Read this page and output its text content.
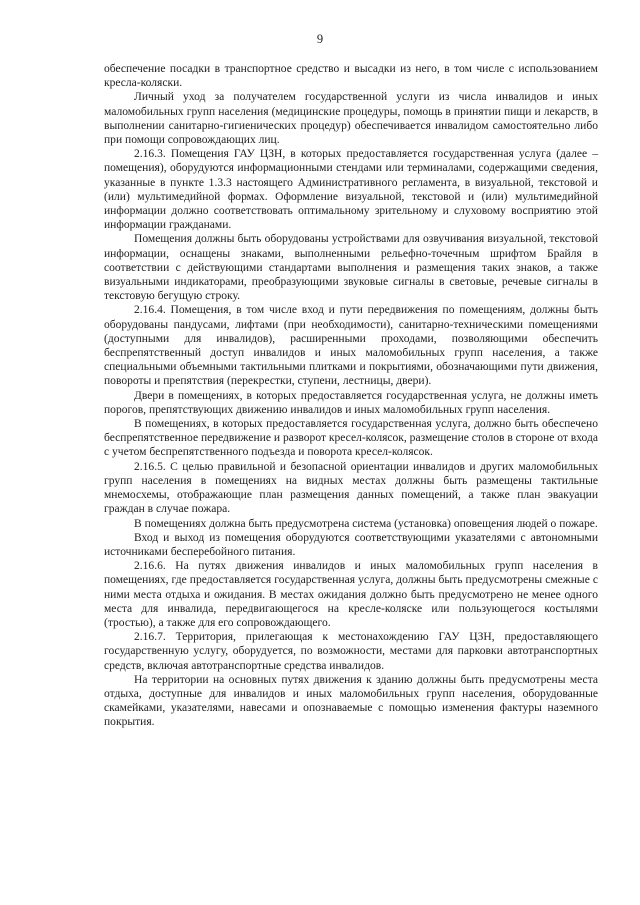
9

обеспечение посадки в транспортное средство и высадки из него, в том числе с использованием кресла-коляски.

Личный уход за получателем государственной услуги из числа инвалидов и иных маломобильных групп населения (медицинские процедуры, помощь в принятии пищи и лекарств, в выполнении санитарно-гигиенических процедур) обеспечивается инвалидом самостоятельно либо при помощи сопровождающих лиц.

2.16.3. Помещения ГАУ ЦЗН, в которых предоставляется государственная услуга (далее – помещения), оборудуются информационными стендами или терминалами, содержащими сведения, указанные в пункте 1.3.3 настоящего Административного регламента, в визуальной, текстовой и (или) мультимедийной формах. Оформление визуальной, текстовой и (или) мультимедийной информации должно соответствовать оптимальному зрительному и слуховому восприятию этой информации гражданами.

Помещения должны быть оборудованы устройствами для озвучивания визуальной, текстовой информации, оснащены знаками, выполненными рельефно-точечным шрифтом Брайля в соответствии с действующими стандартами выполнения и размещения таких знаков, а также визуальными индикаторами, преобразующими звуковые сигналы в световые, речевые сигналы в текстовую бегущую строку.

2.16.4. Помещения, в том числе вход и пути передвижения по помещениям, должны быть оборудованы пандусами, лифтами (при необходимости), санитарно-техническими помещениями (доступными для инвалидов), расширенными проходами, позволяющими обеспечить беспрепятственный доступ инвалидов и иных маломобильных групп населения, а также специальными объемными тактильными плитками и покрытиями, обозначающими пути движения, повороты и препятствия (перекрестки, ступени, лестницы, двери).

Двери в помещениях, в которых предоставляется государственная услуга, не должны иметь порогов, препятствующих движению инвалидов и иных маломобильных групп населения.

В помещениях, в которых предоставляется государственная услуга, должно быть обеспечено беспрепятственное передвижение и разворот кресел-колясок, размещение столов в стороне от входа с учетом беспрепятственного подъезда и поворота кресел-колясок.

2.16.5. С целью правильной и безопасной ориентации инвалидов и других маломобильных групп населения в помещениях на видных местах должны быть размещены тактильные мнемосхемы, отображающие план размещения данных помещений, а также план эвакуации граждан в случае пожара.

В помещениях должна быть предусмотрена система (установка) оповещения людей о пожаре.

Вход и выход из помещения оборудуются соответствующими указателями с автономными источниками бесперебойного питания.

2.16.6. На путях движения инвалидов и иных маломобильных групп населения в помещениях, где предоставляется государственная услуга, должны быть предусмотрены смежные с ними места отдыха и ожидания. В местах ожидания должно быть предусмотрено не менее одного места для инвалида, передвигающегося на кресле-коляске или пользующегося костылями (тростью), а также для его сопровождающего.

2.16.7. Территория, прилегающая к местонахождению ГАУ ЦЗН, предоставляющего государственную услугу, оборудуется, по возможности, местами для парковки автотранспортных средств, включая автотранспортные средства инвалидов.

На территории на основных путях движения к зданию должны быть предусмотрены места отдыха, доступные для инвалидов и иных маломобильных групп населения, оборудованные скамейками, указателями, навесами и опознаваемые с помощью изменения фактуры наземного покрытия.
